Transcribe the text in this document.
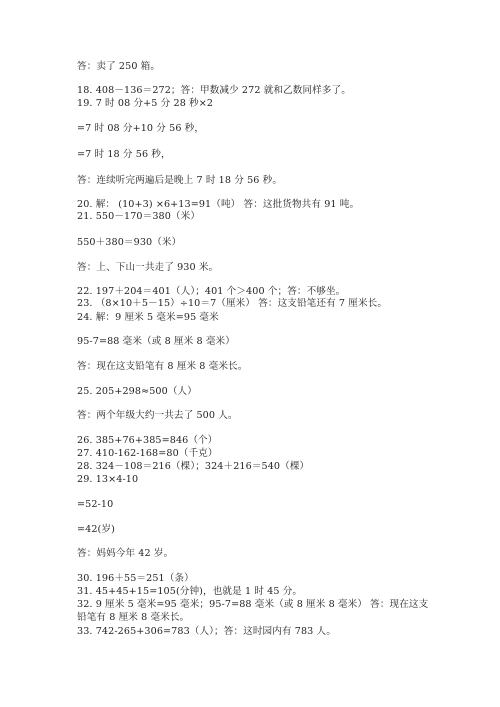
答：卖了 250 箱。
18. 408－136＝272；答：甲数减少 272 就和乙数同样多了。
19. 7 时 08 分+5 分 28 秒×2
=7 时 08 分+10 分 56 秒，
=7 时 18 分 56 秒，
答：连续听完两遍后是晚上 7 时 18 分 56 秒。
20. 解： (10+3) ×6+13=91（吨） 答：这批货物共有 91 吨。
21. 550－170＝380（米）
550＋380＝930（米）
答：上、下山一共走了 930 米。
22. 197＋204＝401（人）；401 个＞400 个；答：不够坐。
23. （8×10＋5－15）÷10＝7（厘米） 答：这支铅笔还有 7 厘米长。
24. 解：9 厘米 5 毫米=95 毫米
95-7=88 毫米（或 8 厘米 8 毫米）
答：现在这支铅笔有 8 厘米 8 毫米长。
25. 205+298≈500（人）
答：两个年级大约一共去了 500 人。
26. 385+76+385=846（个）
27. 410-162-168=80（千克）
28. 324－108＝216（棵）；324＋216＝540（棵）
29. 13×4-10
=52-10
=42(岁)
答：妈妈今年 42 岁。
30. 196＋55＝251（条）
31. 45+45+15=105(分钟)，也就是 1 时 45 分。
32. 9 厘米 5 毫米=95 毫米；95-7=88 毫米（或 8 厘米 8 毫米） 答：现在这支
铅笔有 8 厘米 8 毫米长。
33. 742-265+306=783（人）；答：这时园内有 783 人。
